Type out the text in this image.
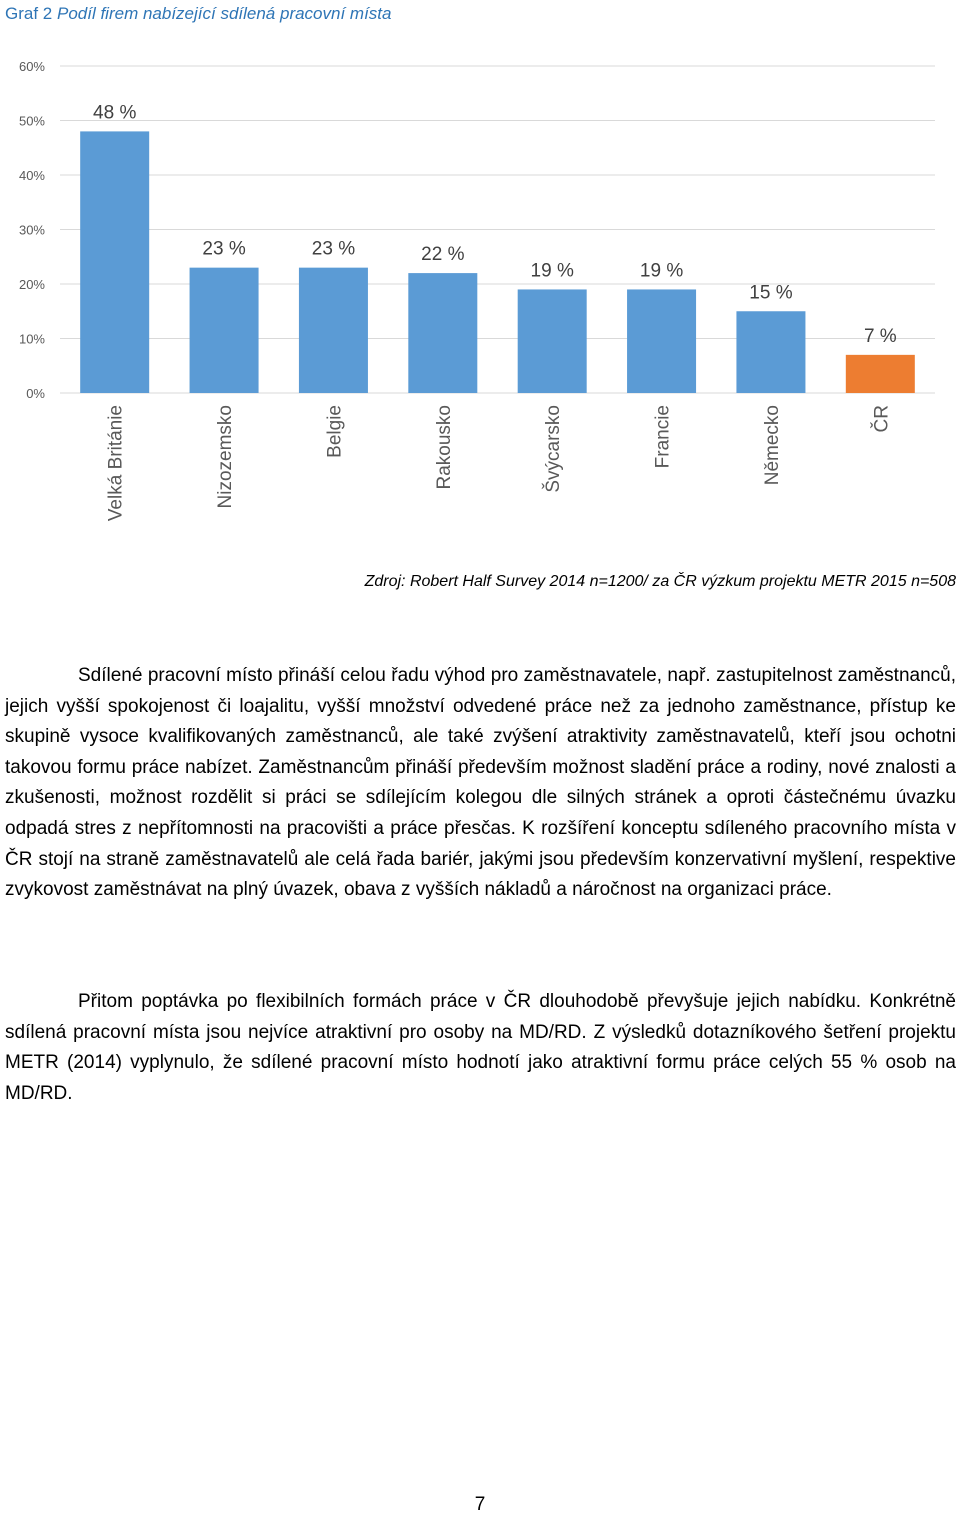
Graf 2 Podíl firem nabízející sdílená pracovní místa
0%
10%
20%
30%
40%
50%
60%
48 %
Velká Británie
23 %
Nizozemsko
23 %
Belgie
22 %
Rakousko
19 %
Švýcarsko
19 %
Francie
15 %
Německo
7 %
ČR
Zdroj: Robert Half Survey 2014 n=1200/ za ČR výzkum projektu METR 2015 n=508

Sdílené pracovní místo přináší celou řadu výhod pro zaměstnavatele, např. zastupitelnost zaměstnanců, jejich vyšší spokojenost či loajalitu, vyšší množství odvedené práce než za jednoho zaměstnance, přístup ke skupině vysoce kvalifikovaných zaměstnanců, ale také zvýšení atraktivity zaměstnavatelů, kteří jsou ochotni takovou formu práce nabízet. Zaměstnancům přináší především možnost sladění práce a rodiny, nové znalosti a zkušenosti, možnost rozdělit si práci se sdílejícím kolegou dle silných stránek a oproti částečnému úvazku odpadá stres z nepřítomnosti na pracovišti a práce přesčas. K rozšíření konceptu sdíleného pracovního místa v ČR stojí na straně zaměstnavatelů ale celá řada bariér, jakými jsou především konzervativní myšlení, respektive zvykovost zaměstnávat na plný úvazek, obava z vyšších nákladů a náročnost na organizaci práce.

Přitom poptávka po flexibilních formách práce v ČR dlouhodobě převyšuje jejich nabídku. Konkrétně sdílená pracovní místa jsou nejvíce atraktivní pro osoby na MD/RD. Z výsledků dotazníkového šetření projektu METR (2014) vyplynulo, že sdílené pracovní místo hodnotí jako atraktivní formu práce celých 55 % osob na MD/RD.

7
